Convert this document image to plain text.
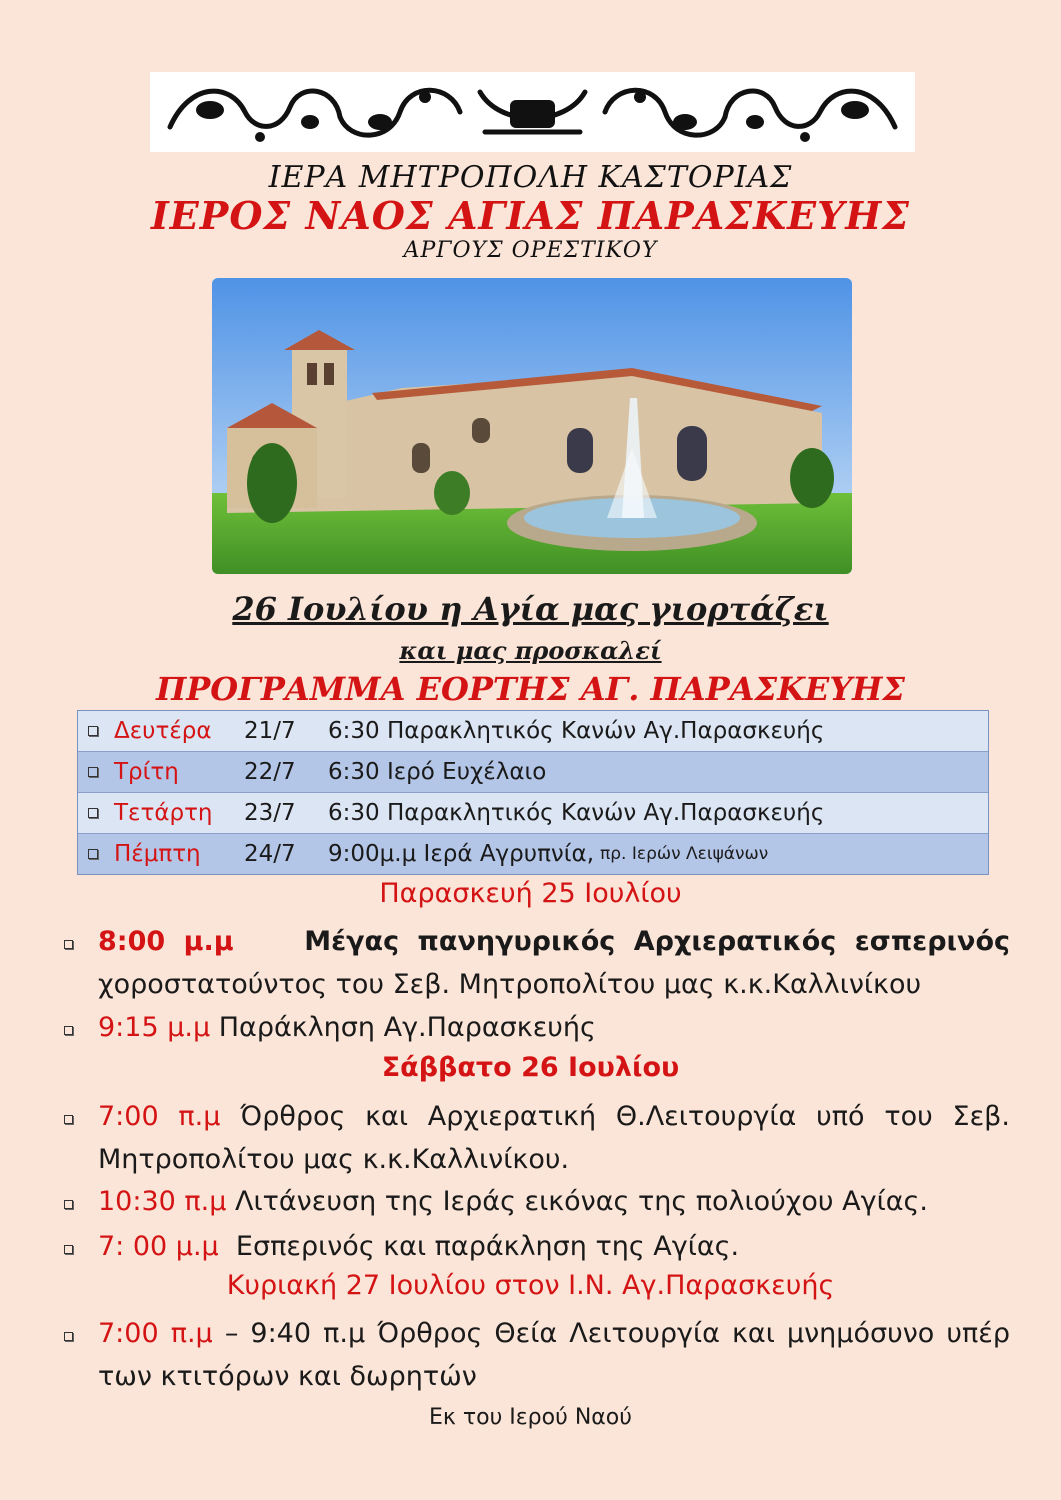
ΙΕΡΑ ΜΗΤΡΟΠΟΛΗ ΚΑΣΤΟΡΙΑΣ
ΙΕΡΟΣ ΝΑΟΣ ΑΓΙΑΣ ΠΑΡΑΣΚΕΥΗΣ
ΑΡΓΟΥΣ ΟΡΕΣΤΙΚΟΥ
26 Ιουλίου η Αγία μας γιορτάζει
και μας προσκαλεί
ΠΡΟΓΡΑΜΜΑ ΕΟΡΤΗΣ ΑΓ. ΠΑΡΑΣΚΕΥΗΣ
Δευτέρα	21/7	6:30 Παρακλητικός Κανών Αγ.Παρασκευής
Τρίτη	22/7	6:30 Ιερό Ευχέλαιο
Τετάρτη	23/7	6:30 Παρακλητικός Κανών Αγ.Παρασκευής
Πέμπτη	24/7	9:00μ.μ Ιερά Αγρυπνία, πρ. Ιερών Λειψάνων
Παρασκευή 25 Ιουλίου
8:00 μ.μ	Μέγας πανηγυρικός Αρχιερατικός εσπερινός χοροστατούντος του Σεβ. Μητροπολίτου μας κ.κ.Καλλινίκου
9:15 μ.μ Παράκληση Αγ.Παρασκευής
Σάββατο 26 Ιουλίου
7:00 π.μ Όρθρος και Αρχιερατική Θ.Λειτουργία υπό του Σεβ. Μητροπολίτου μας κ.κ.Καλλινίκου.
10:30 π.μ Λιτάνευση της Ιεράς εικόνας της πολιούχου Αγίας.
7: 00 μ.μ Εσπερινός και παράκληση της Αγίας.
Κυριακή 27 Ιουλίου στον Ι.Ν. Αγ.Παρασκευής
7:00 π.μ – 9:40 π.μ Όρθρος Θεία Λειτουργία και μνημόσυνο υπέρ των κτιτόρων και δωρητών
Εκ του Ιερού Ναού
